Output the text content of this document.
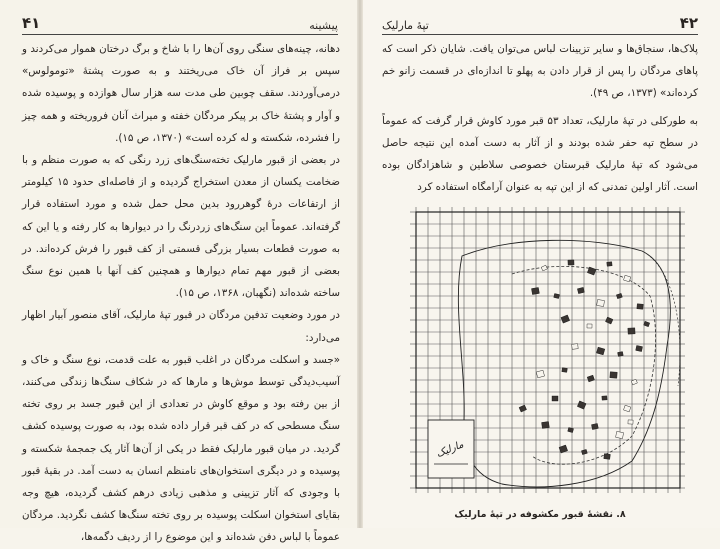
پیشینه
۴۱

دهانه، چینه‌های سنگی روی آن‌ها را با شاخ و برگ درختان هموار می‌کردند و سپس بر فراز آن خاک می‌ریختند و به صورت پشتهٔ «تومولوس» درمی‌آوردند. سقف چوبین طی مدت سه هزار سال هوازده و پوسیده شده و آوار و پشتهٔ خاک بر پیکر مردگان خفته و میراث آنان فروریخته و همه چیز را فشرده، شکسته و له کرده است» (۱۳۷۰، ص ۱۵).

در بعضی از قبور مارلیک تخته‌سنگ‌های زرد رنگی که به صورت منظم و با ضخامت یکسان از معدن استخراج گردیده و از فاصله‌ای حدود ۱۵ کیلومتر از ارتفاعات درهٔ گوهررود بدین محل حمل شده و مورد استفاده قرار گرفته‌اند. عموماً این سنگ‌های زردرنگ را در دیوارها به کار رفته و یا این که به صورت قطعات بسیار بزرگی قسمتی از کف قبور را فرش کرده‌اند. در بعضی از قبور مهم تمام دیوارها و همچنین کف آنها با همین نوع سنگ ساخته شده‌اند (نگهبان، ۱۳۶۸، ص ۱۵).

در مورد وضعیت تدفین مردگان در قبور تپهٔ مارلیک، آقای منصور آبیار اظهار می‌دارد:

«جسد و اسکلت مردگان در اغلب قبور به علت قدمت، نوع سنگ و خاک و آسیب‌دیدگی توسط موش‌ها و مارها که در شکاف سنگ‌ها زندگی می‌کنند، از بین رفته بود و موقع کاوش در تعدادی از این قبور جسد بر روی تخته سنگ مسطحی که در کف قبر قرار داده شده بود، به صورت پوسیده کشف گردید. در میان قبور مارلیک فقط در یکی از آن‌ها آثار یک جمجمهٔ شکسته و پوسیده و در دیگری استخوان‌های نامنظم انسان به دست آمد. در بقیهٔ قبور با وجودی که آثار تزیینی و مذهبی زیادی درهم کشف گردیده، هیچ وجه بقایای استخوان اسکلت پوسیده بر روی تخته سنگ‌ها کشف نگردید. مردگان عموماً با لباس دفن شده‌اند و این موضوع را از ردیف دگمه‌ها،

۴۲
تپهٔ مارلیک

پلاک‌ها، سنجاق‌ها و سایر تزیینات لباس می‌توان یافت. شایان ذکر است که پاهای مردگان را پس از قرار دادن به پهلو تا اندازه‌ای در قسمت زانو خم کرده‌اند» (۱۳۷۳، ص ۴۹).

به طورکلی در تپهٔ مارلیک، تعداد ۵۳ قبر مورد کاوش قرار گرفت که عموماً در سطح تپه حفر شده بودند و از آثار به دست آمده این نتیجه حاصل می‌شود که تپهٔ مارلیک قبرستان خصوصی سلاطین و شاهزادگان بوده است. آثار اولین تمدنی که از این تپه به عنوان آرامگاه استفاده کرد

مارلیک
۸. نقشهٔ قبور مکشوفه در تپهٔ مارلیک
